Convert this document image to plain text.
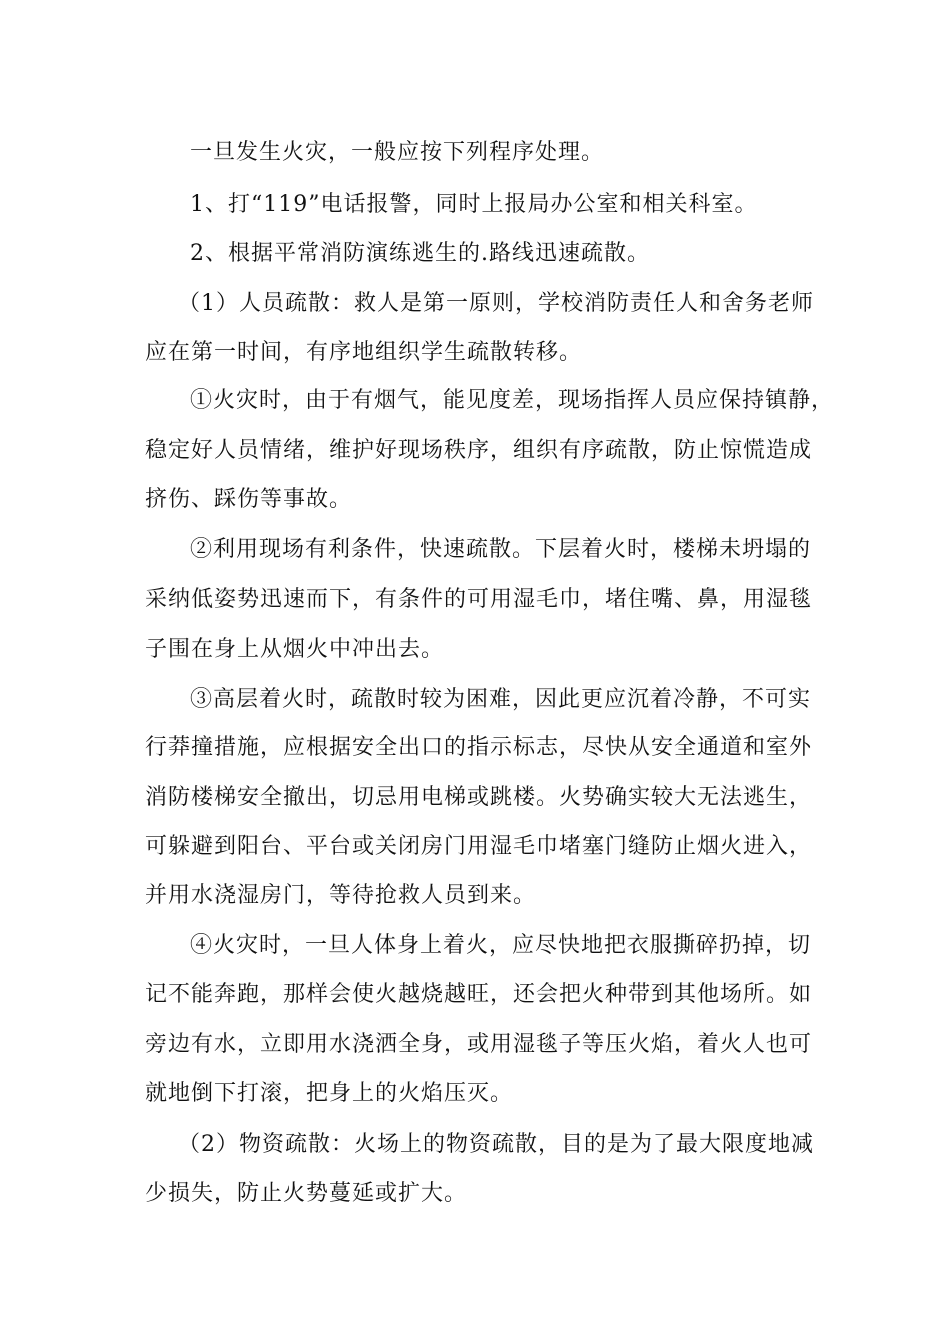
一旦发生火灾，一般应按下列程序处理。

1、打“119”电话报警，同时上报局办公室和相关科室。

2、根据平常消防演练逃生的.路线迅速疏散。

（1）人员疏散：救人是第一原则，学校消防责任人和舍务老师

应在第一时间，有序地组织学生疏散转移。

①火灾时，由于有烟气，能见度差，现场指挥人员应保持镇静，

稳定好人员情绪，维护好现场秩序，组织有序疏散，防止惊慌造成

挤伤、踩伤等事故。

②利用现场有利条件，快速疏散。下层着火时，楼梯未坍塌的

采纳低姿势迅速而下，有条件的可用湿毛巾，堵住嘴、鼻，用湿毯

子围在身上从烟火中冲出去。

③高层着火时，疏散时较为困难，因此更应沉着冷静，不可实

行莽撞措施，应根据安全出口的指示标志，尽快从安全通道和室外

消防楼梯安全撤出，切忌用电梯或跳楼。火势确实较大无法逃生，

可躲避到阳台、平台或关闭房门用湿毛巾堵塞门缝防止烟火进入，

并用水浇湿房门，等待抢救人员到来。

④火灾时，一旦人体身上着火，应尽快地把衣服撕碎扔掉，切

记不能奔跑，那样会使火越烧越旺，还会把火种带到其他场所。如

旁边有水，立即用水浇洒全身，或用湿毯子等压火焰，着火人也可

就地倒下打滚，把身上的火焰压灭。

（2）物资疏散：火场上的物资疏散，目的是为了最大限度地减

少损失，防止火势蔓延或扩大。
